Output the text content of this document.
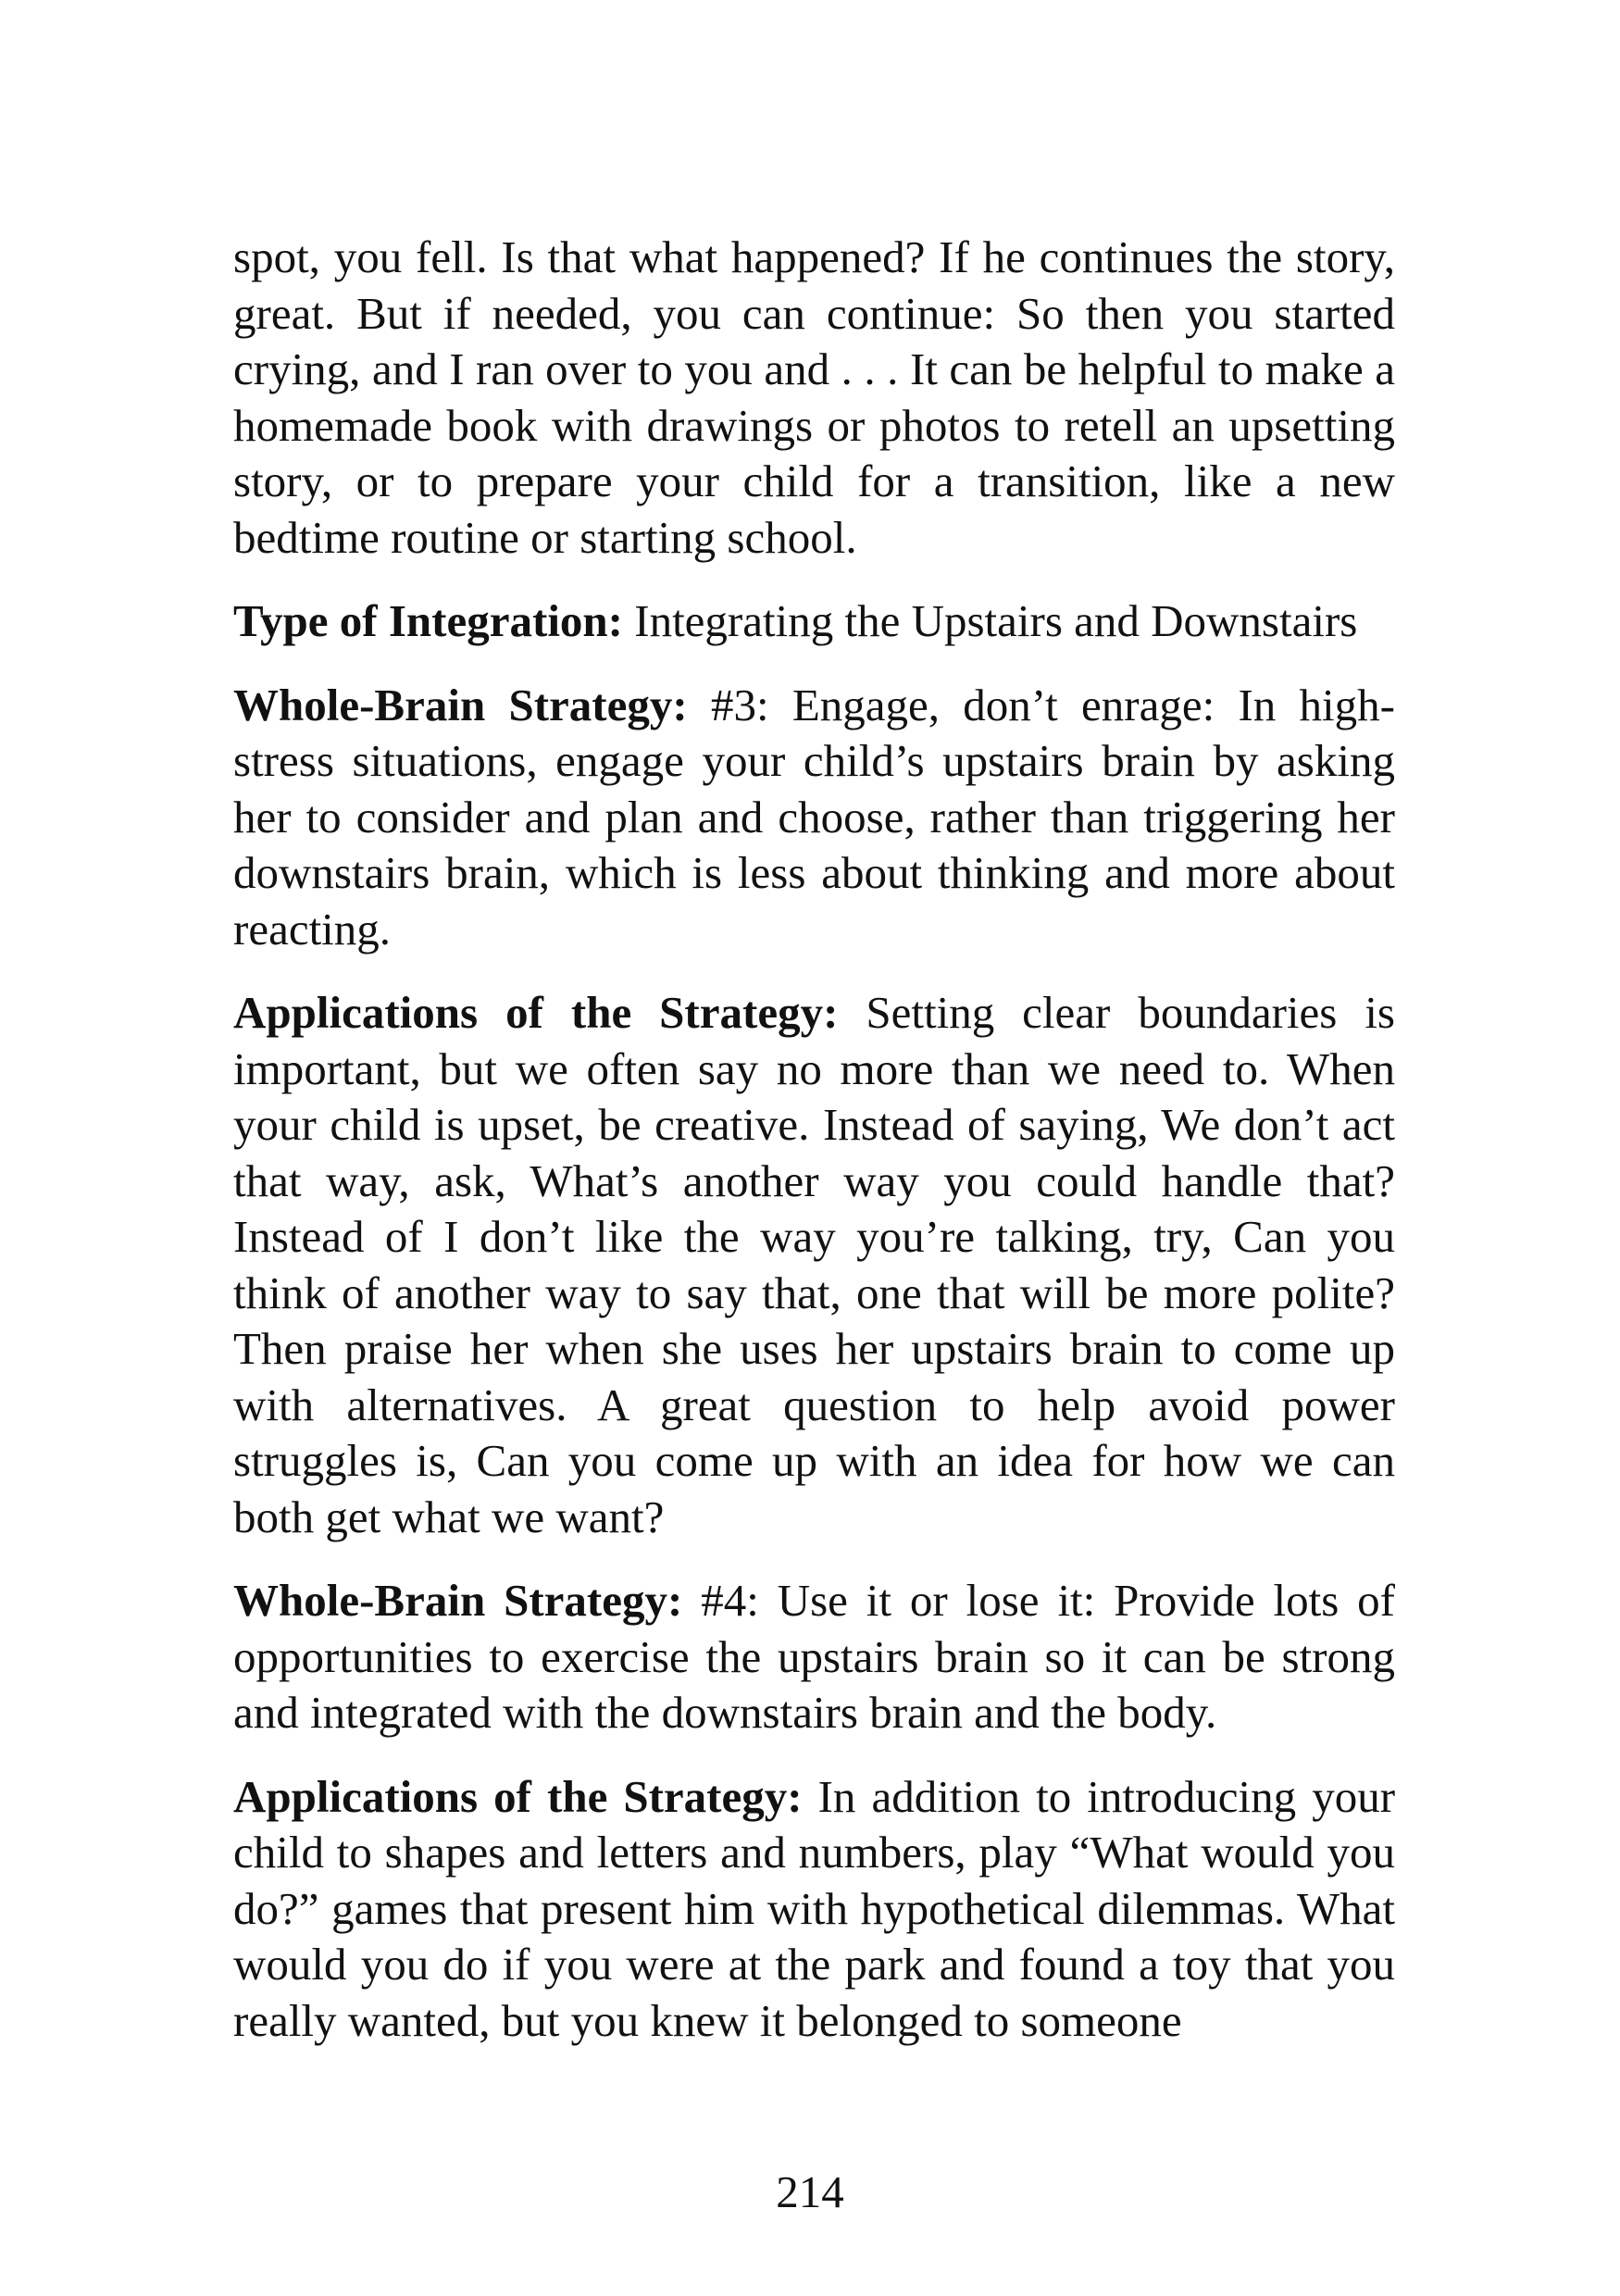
spot, you fell. Is that what happened? If he continues the story, great. But if needed, you can continue: So then you started crying, and I ran over to you and . . . It can be helpful to make a homemade book with drawings or photos to retell an upsetting story, or to prepare your child for a transition, like a new bedtime routine or starting school.

Type of Integration: Integrating the Upstairs and Downstairs

Whole-Brain Strategy: #3: Engage, don’t enrage: In high-stress situations, engage your child’s upstairs brain by asking her to consider and plan and choose, rather than triggering her downstairs brain, which is less about thinking and more about reacting.

Applications of the Strategy: Setting clear boundaries is important, but we often say no more than we need to. When your child is upset, be creative. Instead of saying, We don’t act that way, ask, What’s another way you could handle that? Instead of I don’t like the way you’re talking, try, Can you think of another way to say that, one that will be more polite? Then praise her when she uses her upstairs brain to come up with alternatives. A great question to help avoid power struggles is, Can you come up with an idea for how we can both get what we want?

Whole-Brain Strategy: #4: Use it or lose it: Provide lots of opportunities to exercise the upstairs brain so it can be strong and integrated with the downstairs brain and the body.

Applications of the Strategy: In addition to introducing your child to shapes and letters and numbers, play “What would you do?” games that present him with hypothetical dilemmas. What would you do if you were at the park and found a toy that you really wanted, but you knew it belonged to someone

214
